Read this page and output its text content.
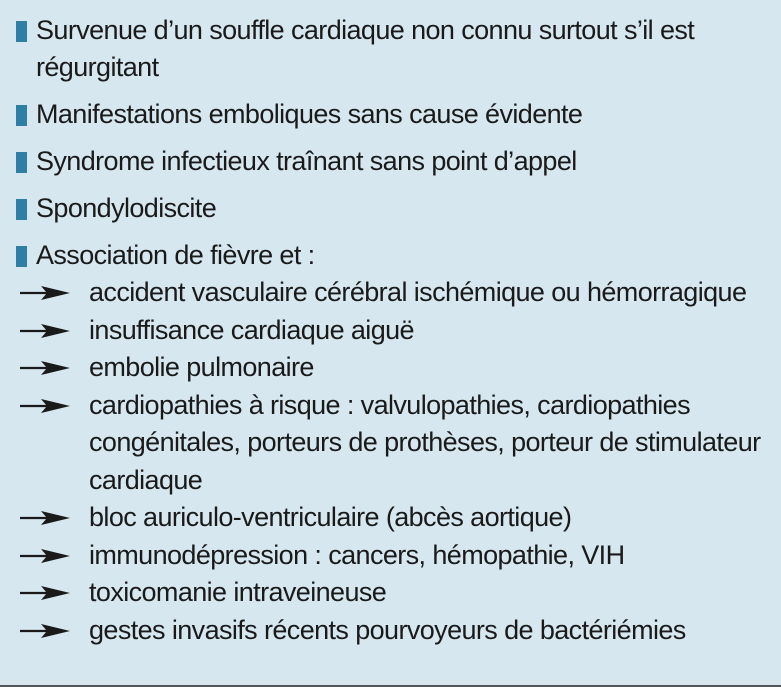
Survenue d’un souffle cardiaque non connu surtout s’il est régurgitant
Manifestations emboliques sans cause évidente
Syndrome infectieux traînant sans point d’appel
Spondylodiscite
Association de fièvre et :
accident vasculaire cérébral ischémique ou hémorragique
insuffisance cardiaque aiguë
embolie pulmonaire
cardiopathies à risque : valvulopathies, cardiopathies congénitales, porteurs de prothèses, porteur de stimulateur cardiaque
bloc auriculo-ventriculaire (abcès aortique)
immunodépression : cancers, hémopathie, VIH
toxicomanie intraveineuse
gestes invasifs récents pourvoyeurs de bactériémies
